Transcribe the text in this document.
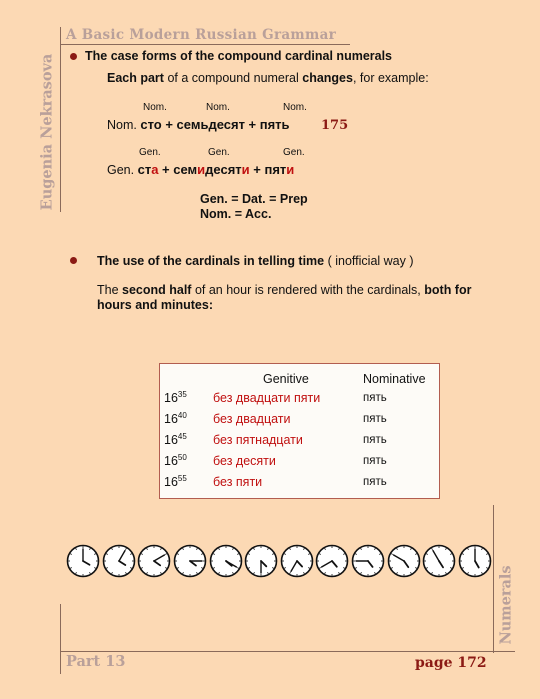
A Basic Modern Russian Grammar
Eugenia Nekrasova
Numerals
The case forms of the compound cardinal numerals
Each part of a compound numeral changes, for example:
Nom.	Nom.	Nom.
Nom. сто + семьдесят + пять 175
Gen.	Gen.	Gen.
Gen. ста + семидесяти + пяти
Gen. = Dat. = Prep
Nom. = Acc.
The use of the cardinals in telling time ( inofficial way )
The second half of an hour is rendered with the cardinals, both for
hours and minutes:
Genitive	Nominative
$16^{35}$ без двадцати пяти	пять
$16^{40}$ без двадцати	пять
$16^{45}$ без пятнадцати	пять
$16^{50}$ без десяти	пять
$16^{55}$ без пяти	пять
Part 13	page 172
